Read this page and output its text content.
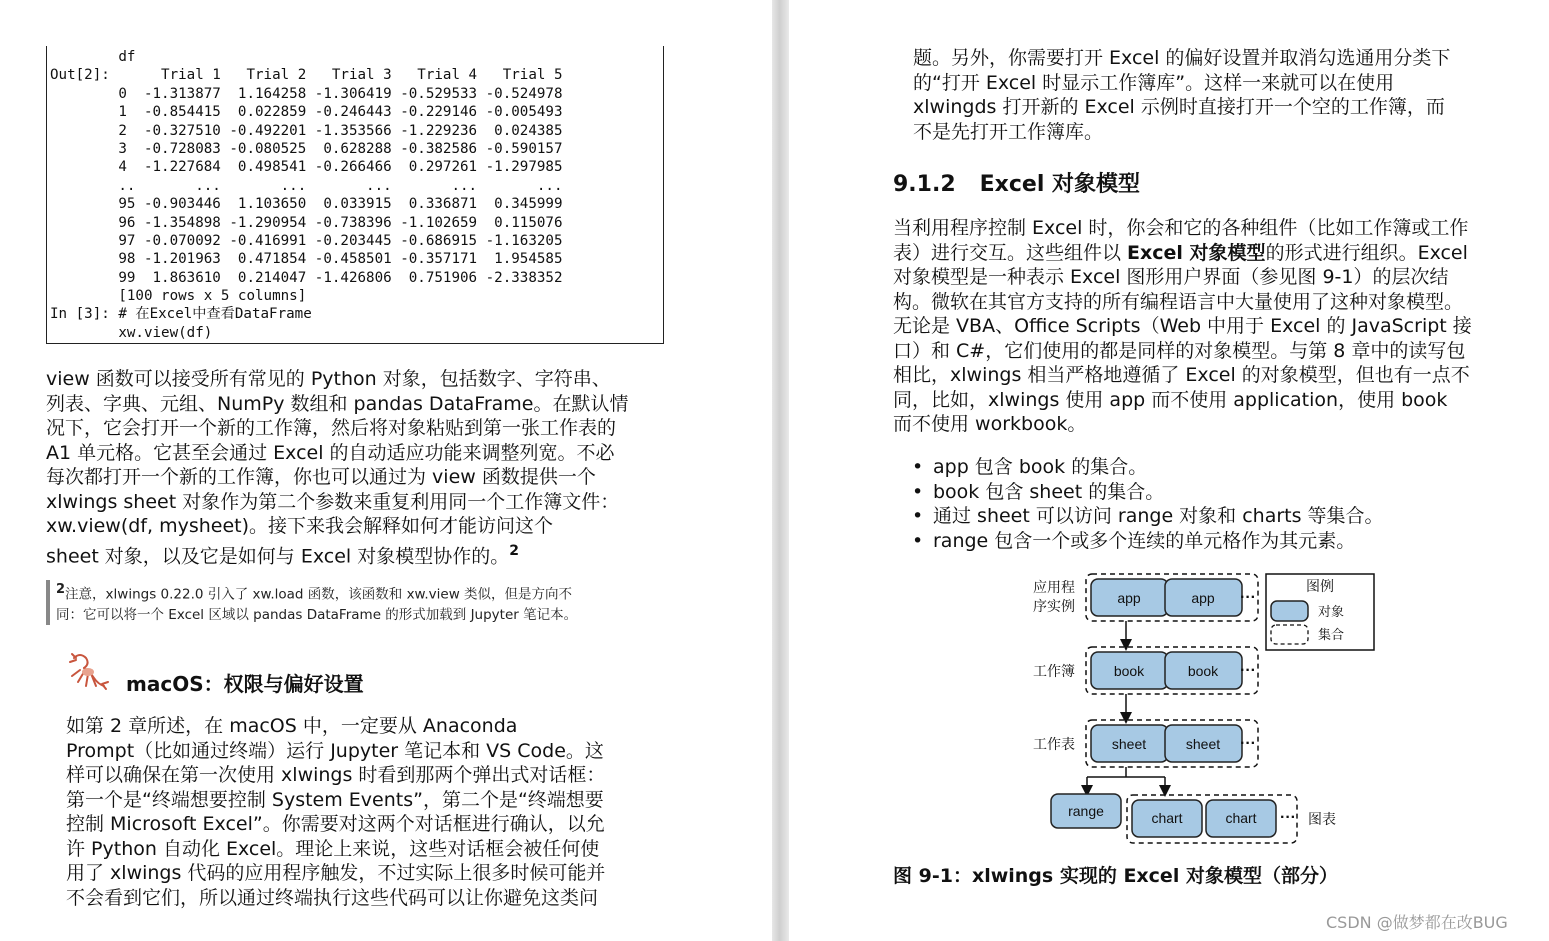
df
Out[2]:      Trial 1   Trial 2   Trial 3   Trial 4   Trial 5
0  -1.313877  1.164258 -1.306419 -0.529533 -0.524978
1  -0.854415  0.022859 -0.246443 -0.229146 -0.005493
2  -0.327510 -0.492201 -1.353566 -1.229236  0.024385
3  -0.728083 -0.080525  0.628288 -0.382586 -0.590157
4  -1.227684  0.498541 -0.266466  0.297261 -1.297985
..       ...       ...       ...       ...       ...
95 -0.903446  1.103650  0.033915  0.336871  0.345999
96 -1.354898 -1.290954 -0.738396 -1.102659  0.115076
97 -0.070092 -0.416991 -0.203445 -0.686915 -1.163205
98 -1.201963  0.471854 -0.458501 -0.357171  1.954585
99  1.863610  0.214047 -1.426806  0.751906 -2.338352
[100 rows x 5 columns]
In [3]: # 在Excel中查看DataFrame
xw.view(df)
view 函数可以接受所有常见的 Python 对象，包括数字、字符串、
列表、字典、元组、NumPy 数组和 pandas DataFrame。在默认情
况下，它会打开一个新的工作簿，然后将对象粘贴到第一张工作表的
A1 单元格。它甚至会通过 Excel 的自动适应功能来调整列宽。不必
每次都打开一个新的工作簿，你也可以通过为 view 函数提供一个
xlwings sheet 对象作为第二个参数来重复利用同一个工作簿文件：
xw.view(df, mysheet)。接下来我会解释如何才能访问这个
sheet 对象，以及它是如何与 Excel 对象模型协作的。$^2$
$^2$注意，xlwings 0.22.0 引入了 xw.load 函数，该函数和 xw.view 类似，但是方向不
同：它可以将一个 Excel 区域以 pandas DataFrame 的形式加载到 Jupyter 笔记本。
macOS：权限与偏好设置
如第 2 章所述，在 macOS 中，一定要从 Anaconda
Prompt（比如通过终端）运行 Jupyter 笔记本和 VS Code。这
样可以确保在第一次使用 xlwings 时看到那两个弹出式对话框：
第一个是“终端想要控制 System Events”，第二个是“终端想要
控制 Microsoft Excel”。你需要对这两个对话框进行确认，以允
许 Python 自动化 Excel。理论上来说，这些对话框会被任何使
用了 xlwings 代码的应用程序触发，不过实际上很多时候可能并
不会看到它们，所以通过终端执行这些代码可以让你避免这类问
题。另外，你需要打开 Excel 的偏好设置并取消勾选通用分类下
的“打开 Excel 时显示工作簿库”。这样一来就可以在使用
xlwingds 打开新的 Excel 示例时直接打开一个空的工作簿，而
不是先打开工作簿库。
9.1.2 Excel 对象模型
当利用程序控制 Excel 时，你会和它的各种组件（比如工作簿或工作
表）进行交互。这些组件以 Excel 对象模型的形式进行组织。Excel
对象模型是一种表示 Excel 图形用户界面（参见图 9-1）的层次结
构。微软在其官方支持的所有编程语言中大量使用了这种对象模型。
无论是 VBA、Office Scripts（Web 中用于 Excel 的 JavaScript 接
口）和 C#，它们使用的都是同样的对象模型。与第 8 章中的读写包
相比，xlwings 相当严格地遵循了 Excel 的对象模型，但也有一点不
同，比如，xlwings 使用 app 而不使用 application，使用 book
而不使用 workbook。
• app 包含 book 的集合。
• book 包含 sheet 的集合。
• 通过 sheet 可以访问 range 对象和 charts 等集合。
• range 包含一个或多个连续的单元格作为其元素。
应用程
序实例
工作簿
工作表
图表
app	app ···
book	book ···
sheet	sheet ···
range	chart	chart ···
图例
对象
集合
图 9-1：xlwings 实现的 Excel 对象模型（部分）
CSDN @做梦都在改BUG
